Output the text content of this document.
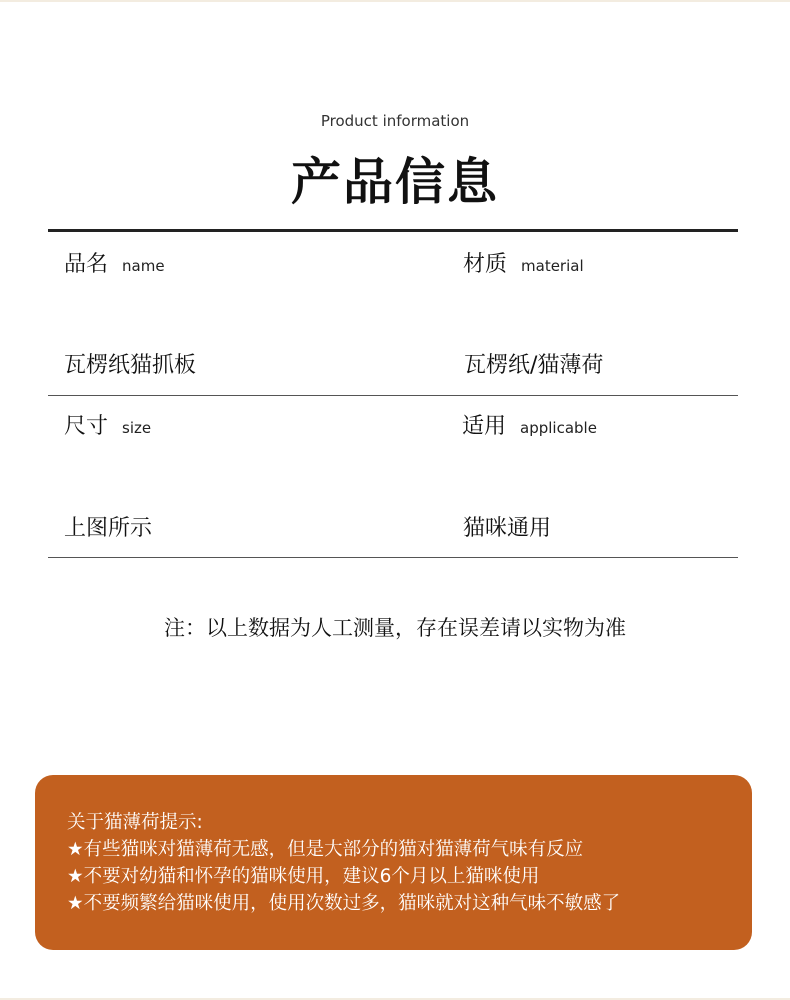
Product information
产品信息
品名 name	材质 material
瓦楞纸猫抓板	瓦楞纸/猫薄荷
尺寸 size	适用 applicable
上图所示	猫咪通用
注：以上数据为人工测量，存在误差请以实物为准
关于猫薄荷提示:
★有些猫咪对猫薄荷无感，但是大部分的猫对猫薄荷气味有反应
★不要对幼猫和怀孕的猫咪使用，建议6个月以上猫咪使用
★不要频繁给猫咪使用，使用次数过多，猫咪就对这种气味不敏感了
